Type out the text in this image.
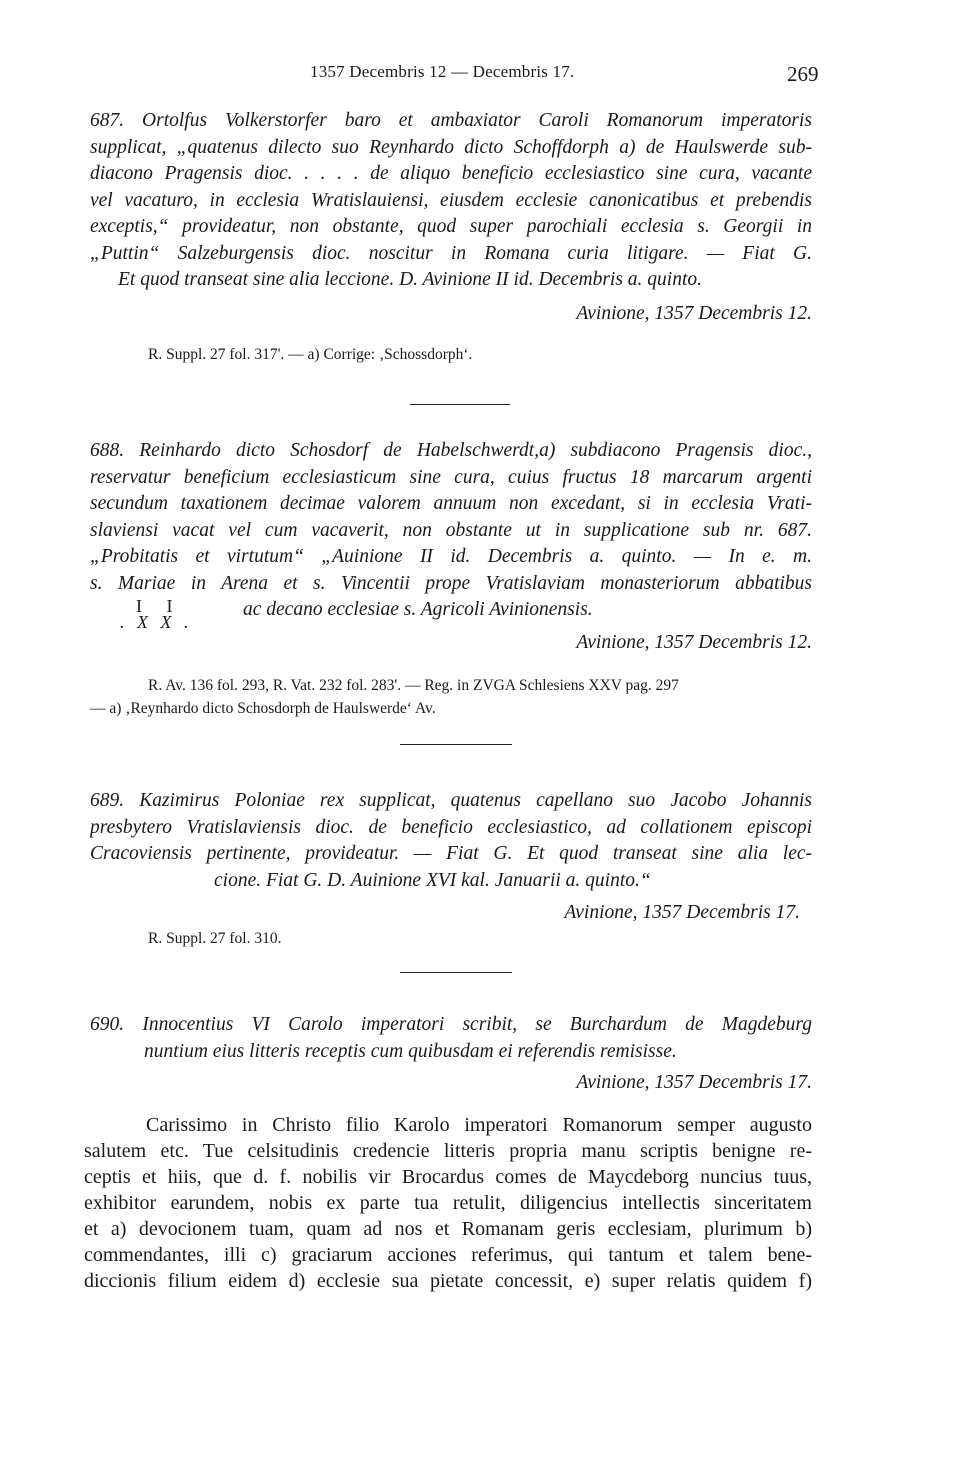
1357 Decembris 12 — Decembris 17.	269
687. Ortolfus Volkerstorfer baro et ambaxiator Caroli Romanorum imperatoris
supplicat, „quatenus dilecto suo Reynhardo dicto Schoffdorph a) de Haulswerde sub-
diacono Pragensis dioc. . . . . de aliquo beneficio ecclesiastico sine cura, vacante
vel vacaturo, in ecclesia Wratislauiensi, eiusdem ecclesie canonicatibus et prebendis
exceptis,“ provideatur, non obstante, quod super parochiali ecclesia s. Georgii in
„Puttin“ Salzeburgensis dioc. noscitur in Romana curia litigare. — Fiat G.
Et quod transeat sine alia leccione. D. Avinione II id. Decembris a. quinto.
Avinione, 1357 Decembris 12.
R. Suppl. 27 fol. 317'. — a) Corrige: ‚Schossdorph‘.
688. Reinhardo dicto Schosdorf de Habelschwerdt,a) subdiacono Pragensis dioc.,
reservatur beneficium ecclesiasticum sine cura, cuius fructus 18 marcarum argenti
secundum taxationem decimae valorem annuum non excedant, si in ecclesia Vrati-
slaviensi vacat vel cum vacaverit, non obstante ut in supplicatione sub nr. 687.
„Probitatis et virtutum“ „Auinione II id. Decembris a. quinto. — In e. m.
s. Mariae in Arena et s. Vincentii prope Vratislaviam monasteriorum abbatibus
ac decano ecclesiae s. Agricoli Avinionensis.
I I
. X X .
Avinione, 1357 Decembris 12.
R. Av. 136 fol. 293, R. Vat. 232 fol. 283'. — Reg. in ZVGA Schlesiens XXV pag. 297
— a) ‚Reynhardo dicto Schosdorph de Haulswerde‘ Av.
689. Kazimirus Poloniae rex supplicat, quatenus capellano suo Jacobo Johannis
presbytero Vratislaviensis dioc. de beneficio ecclesiastico, ad collationem episcopi
Cracoviensis pertinente, provideatur. — Fiat G. Et quod transeat sine alia lec-
cione. Fiat G. D. Auinione XVI kal. Januarii a. quinto.“
Avinione, 1357 Decembris 17.
R. Suppl. 27 fol. 310.
690. Innocentius VI Carolo imperatori scribit, se Burchardum de Magdeburg
nuntium eius litteris receptis cum quibusdam ei referendis remisisse.
Avinione, 1357 Decembris 17.
Carissimo in Christo filio Karolo imperatori Romanorum semper augusto
salutem etc. Tue celsitudinis credencie litteris propria manu scriptis benigne re-
ceptis et hiis, que d. f. nobilis vir Brocardus comes de Maycdeborg nuncius tuus,
exhibitor earundem, nobis ex parte tua retulit, diligencius intellectis sinceritatem
et a) devocionem tuam, quam ad nos et Romanam geris ecclesiam, plurimum b)
commendantes, illi c) graciarum acciones referimus, qui tantum et talem bene-
diccionis filium eidem d) ecclesie sua pietate concessit, e) super relatis quidem f)
